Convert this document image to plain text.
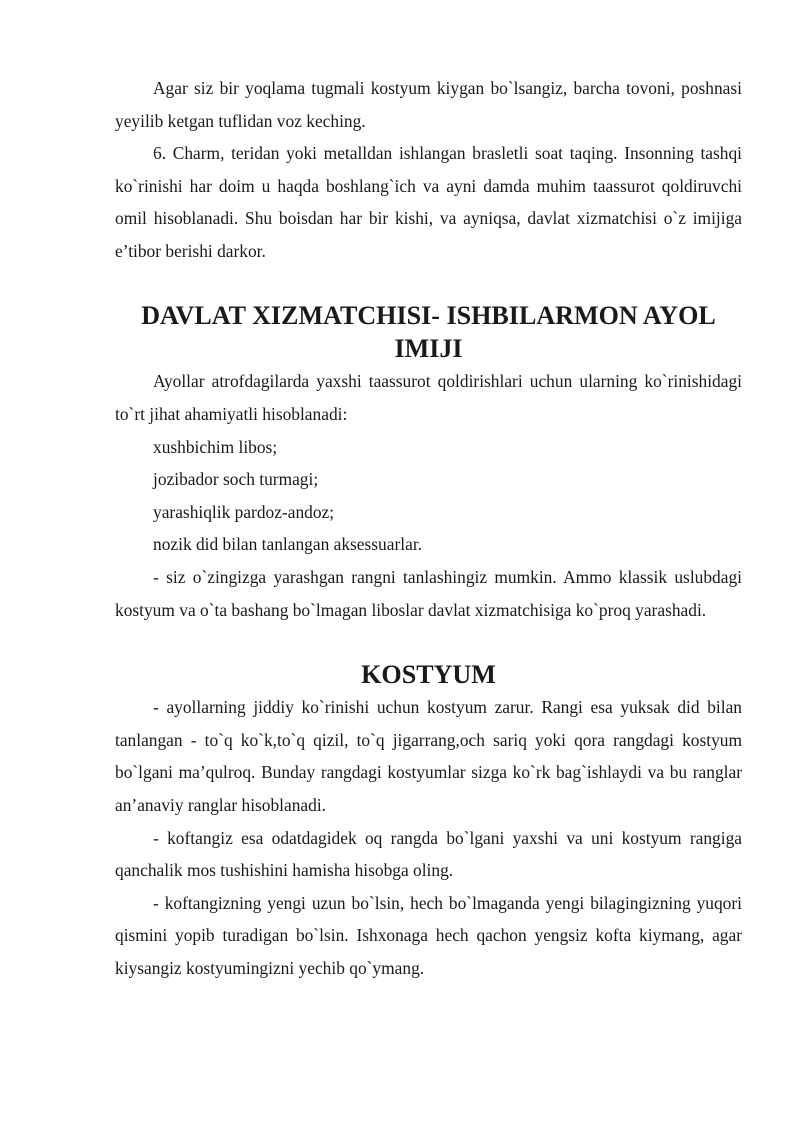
Agar siz bir yoqlama tugmali kostyum kiygan bo`lsangiz, barcha tovoni, poshnasi yeyilib ketgan tuflidan voz keching.

6. Charm, teridan yoki metalldan ishlangan brasletli soat taqing. Insonning tashqi ko`rinishi har doim u haqda boshlang`ich va ayni damda muhim taassurot qoldiruvchi omil hisoblanadi. Shu boisdan har bir kishi, va ayniqsa, davlat xizmatchisi o`z imijiga e’tibor berishi darkor.

DAVLAT XIZMATCHISI- ISHBILARMON AYOL IMIJI

Ayollar atrofdagilarda yaxshi taassurot qoldirishlari uchun ularning ko`rinishidagi to`rt jihat ahamiyatli hisoblanadi:

xushbichim libos;

jozibador soch turmagi;

yarashiqlik pardoz-andoz;

nozik did bilan tanlangan aksessuarlar.

- siz o`zingizga yarashgan rangni tanlashingiz mumkin. Ammo klassik uslubdagi kostyum va o`ta bashang bo`lmagan liboslar davlat xizmatchisiga ko`proq yarashadi.

KOSTYUM

- ayollarning jiddiy ko`rinishi uchun kostyum zarur. Rangi esa yuksak did bilan tanlangan - to`q ko`k,to`q qizil, to`q jigarrang,och sariq yoki qora rangdagi kostyum bo`lgani ma’qulroq. Bunday rangdagi kostyumlar sizga ko`rk bag`ishlaydi va bu ranglar an’anaviy ranglar hisoblanadi.

- koftangiz esa odatdagidek oq rangda bo`lgani yaxshi va uni kostyum rangiga qanchalik mos tushishini hamisha hisobga oling.

- koftangizning yengi uzun bo`lsin, hech bo`lmaganda yengi bilagingizning yuqori qismini yopib turadigan bo`lsin. Ishxonaga hech qachon yengsiz kofta kiymang, agar kiysangiz kostyumingizni yechib qo`ymang.
